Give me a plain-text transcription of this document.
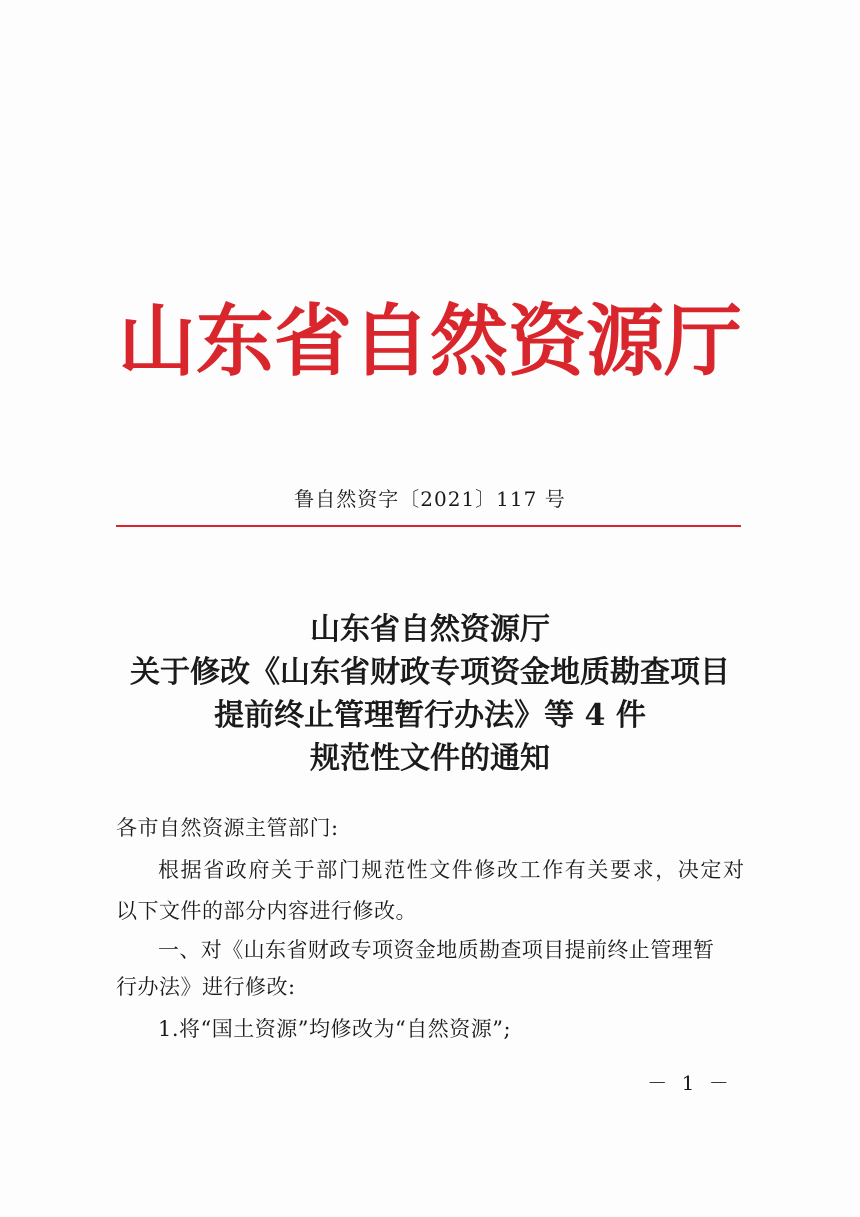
山东省自然资源厅
鲁自然资字〔2021〕117 号
山东省自然资源厅
关于修改《山东省财政专项资金地质勘查项目
提前终止管理暂行办法》等 4 件
规范性文件的通知
各市自然资源主管部门:
根据省政府关于部门规范性文件修改工作有关要求，决定对
以下文件的部分内容进行修改。
一、对《山东省财政专项资金地质勘查项目提前终止管理暂
行办法》进行修改:
1.将“国土资源”均修改为“自然资源”;
－ 1 －
